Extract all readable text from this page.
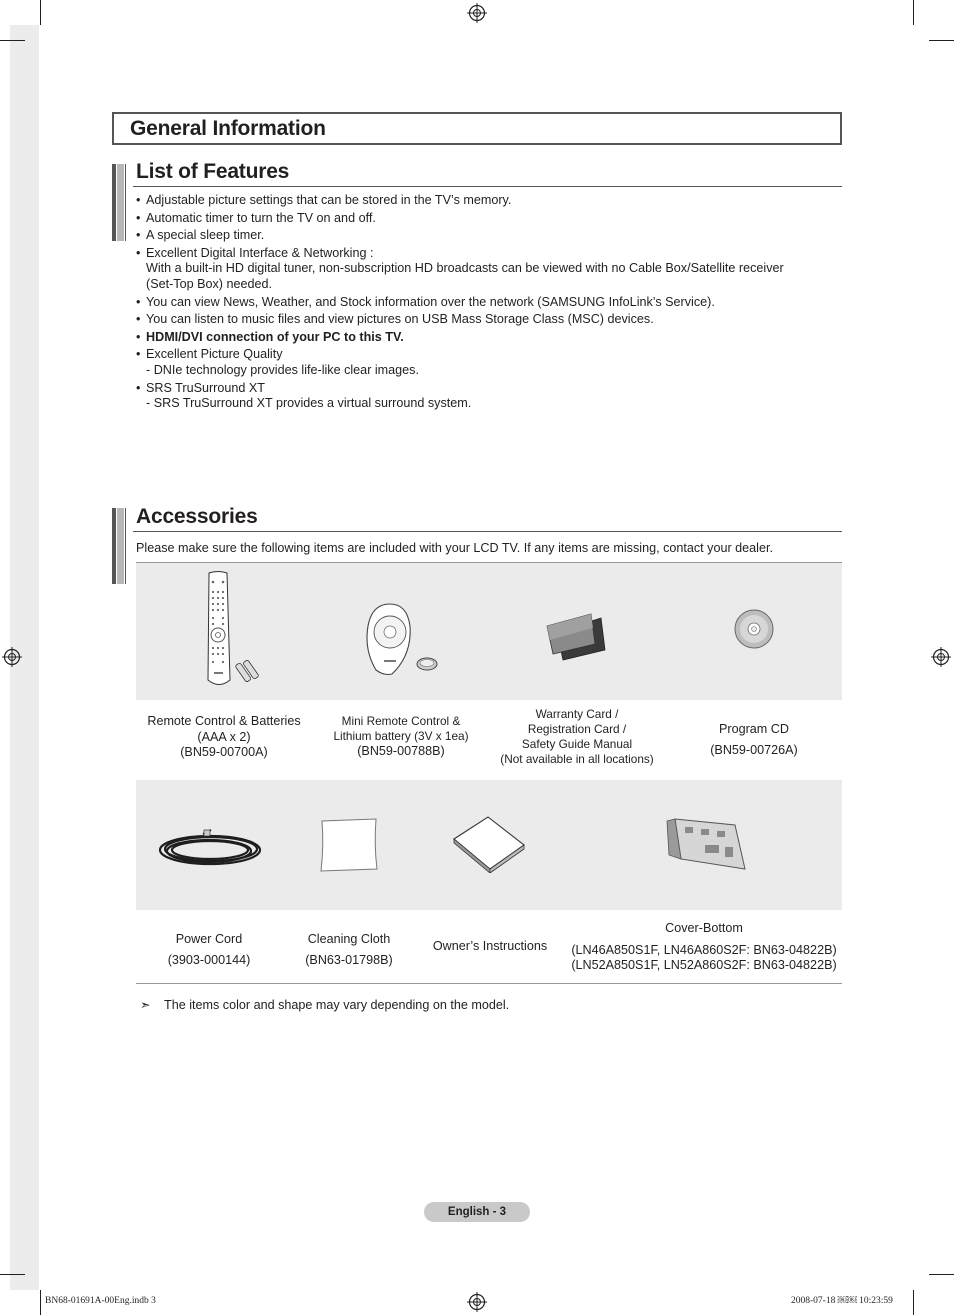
General Information
List of Features
• Adjustable picture settings that can be stored in the TV’s memory.
• Automatic timer to turn the TV on and off.
• A special sleep timer.
• Excellent Digital Interface & Networking :
With a built-in HD digital tuner, non-subscription HD broadcasts can be viewed with no Cable Box/Satellite receiver
(Set-Top Box) needed.
• You can view News, Weather, and Stock information over the network (SAMSUNG InfoLink’s Service).
• You can listen to music files and view pictures on USB Mass Storage Class (MSC) devices.
• HDMI/DVI connection of your PC to this TV.
• Excellent Picture Quality
- DNIe technology provides life-like clear images.
• SRS TruSurround XT
- SRS TruSurround XT provides a virtual surround system.
Accessories
Please make sure the following items are included with your LCD TV. If any items are missing, contact your dealer.
Remote Control & Batteries
(AAA x 2)
(BN59-00700A)
Mini Remote Control &
Lithium battery (3V x 1ea)
(BN59-00788B)
Warranty Card /
Registration Card /
Safety Guide Manual
(Not available in all locations)
Program CD
(BN59-00726A)
Power Cord
(3903-000144)
Cleaning Cloth
(BN63-01798B)
Owner’s Instructions
Cover-Bottom
(LN46A850S1F, LN46A860S2F: BN63-04822B)
(LN52A850S1F, LN52A860S2F: BN63-04822B)
➣ The items color and shape may vary depending on the model.
English - 3
BN68-01691A-00Eng.indb 3	2008-07-18 ￼￼ 10:23:59
